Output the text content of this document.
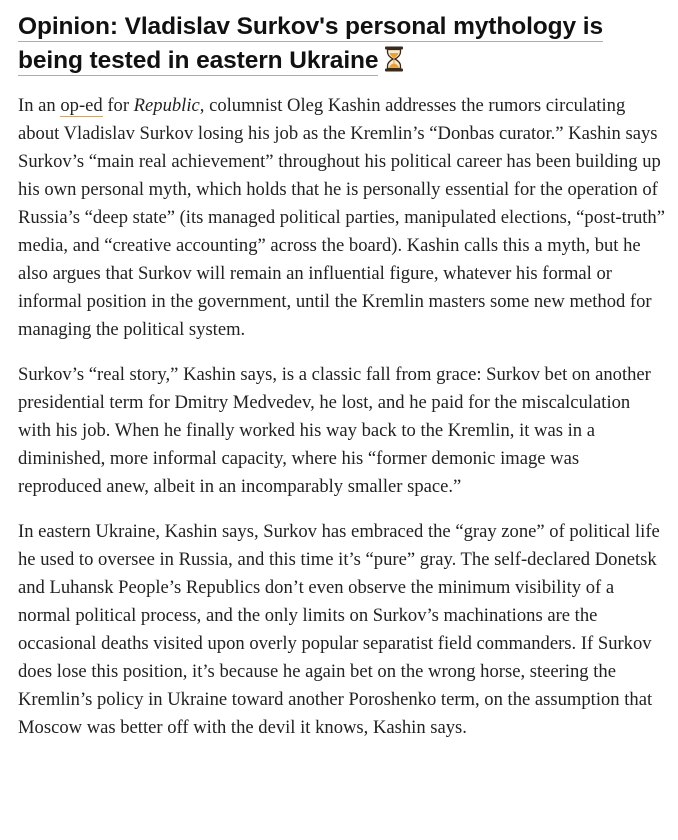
Opinion: Vladislav Surkov's personal mythology is being tested in eastern Ukraine

In an op-ed for Republic, columnist Oleg Kashin addresses the rumors circulating about Vladislav Surkov losing his job as the Kremlin’s “Donbas curator.” Kashin says Surkov’s “main real achievement” throughout his political career has been building up his own personal myth, which holds that he is personally essential for the operation of Russia’s “deep state” (its managed political parties, manipulated elections, “post-truth” media, and “creative accounting” across the board). Kashin calls this a myth, but he also argues that Surkov will remain an influential figure, whatever his formal or informal position in the government, until the Kremlin masters some new method for managing the political system.

Surkov’s “real story,” Kashin says, is a classic fall from grace: Surkov bet on another presidential term for Dmitry Medvedev, he lost, and he paid for the miscalculation with his job. When he finally worked his way back to the Kremlin, it was in a diminished, more informal capacity, where his “former demonic image was reproduced anew, albeit in an incomparably smaller space.”

In eastern Ukraine, Kashin says, Surkov has embraced the “gray zone” of political life he used to oversee in Russia, and this time it’s “pure” gray. The self-declared Donetsk and Luhansk People’s Republics don’t even observe the minimum visibility of a normal political process, and the only limits on Surkov’s machinations are the occasional deaths visited upon overly popular separatist field commanders. If Surkov does lose this position, it’s because he again bet on the wrong horse, steering the Kremlin’s policy in Ukraine toward another Poroshenko term, on the assumption that Moscow was better off with the devil it knows, Kashin says.
